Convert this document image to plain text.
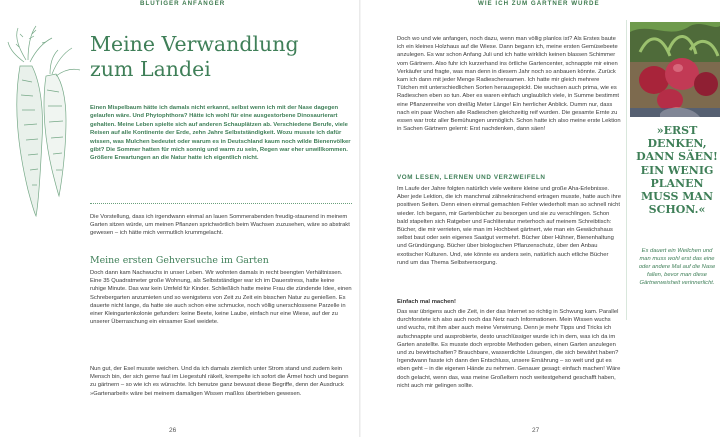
BLUTIGER ANFÄNGER	WIE ICH ZUM GÄRTNER WURDE
Meine Verwandlung
zum Landei

Einen Mispelbaum hätte ich damals nicht erkannt, selbst wenn ich mit der Nase dagegen gelaufen wäre. Und Phytophthora? Hätte ich wohl für eine ausgestorbene Dinosaurierart gehalten. Meine Leben spielte sich auf anderen Schauplätzen ab. Verschiedene Berufe, viele Reisen auf alle Kontinente der Erde, zehn Jahre Selbstständigkeit. Wozu musste ich dafür wissen, was Mulchen bedeutet oder warum es in Deutschland kaum noch wilde Bienenvölker gibt? Die Sommer hatten für mich sonnig und warm zu sein, Regen war eher unwillkommen. Größere Erwartungen an die Natur hatte ich eigentlich nicht.

Die Vorstellung, dass ich irgendwann einmal an lauen Sommerabenden freudig-staunend in meinem Garten sitzen würde, um meinen Pflanzen sprichwörtlich beim Wachsen zuzusehen, wäre so abstrakt gewesen – ich hätte mich vermutlich krummgelacht.

Meine ersten Gehversuche im Garten

Doch dann kam Nachwuchs in unser Leben. Wir wohnten damals in recht beengten Verhältnissen. Eine 35 Quadratmeter große Wohnung, als Selbstständiger war ich im Dauerstress, hatte keine ruhige Minute. Das war kein Umfeld für Kinder. Schließlich hatte meine Frau die zündende Idee, einen Schrebergarten anzumieten und so wenigstens von Zeit zu Zeit ein bisschen Natur zu genießen. Es dauerte nicht lange, da hatte sie auch schon eine schmucke, noch völlig unerschlossene Parzelle in einer Kleingartenkolonie gefunden: keine Beete, keine Laube, einfach nur eine Wiese, auf der zu unserer Überraschung ein einsamer Esel weidete.

Nun gut, der Esel musste weichen. Und da ich damals ziemlich unter Strom stand und zudem kein Mensch bin, der sich gerne faul im Liegestuhl räkelt, krempelte ich sofort die Ärmel hoch und begann zu gärtnern – so wie ich es wünschte. Ich benutze ganz bewusst diese Begriffe, denn der Ausdruck »Gartenarbeit« wäre bei meinem damaligen Wissen maßlos übertrieben gewesen.

26

Doch wo und wie anfangen, noch dazu, wenn man völlig planlos ist? Als Erstes baute ich ein kleines Holzhaus auf die Wiese. Dann begann ich, meine ersten Gemüsebeete anzulegen. Es war schon Anfang Juli und ich hatte wirklich keinen blassen Schimmer vom Gärtnern. Also fuhr ich kurzerhand ins örtliche Gartencenter, schnappte mir einen Verkäufer und fragte, was man denn in diesem Jahr noch so anbauen könnte. Zurück kam ich dann mit jeder Menge Radieschensamen. Ich hatte mir gleich mehrere Tütchen mit unterschiedlichen Sorten herausgepickt. Die wuchsen auch prima, wie es Radieschen eben so tun. Aber es waren einfach unglaublich viele, in Summe bestimmt eine Pflanzenreihe von dreißig Meter Länge! Ein herrlicher Anblick. Dumm nur, dass nach ein paar Wochen alle Radieschen gleichzeitig reif wurden. Die gesamte Ernte zu essen war trotz aller Bemühungen unmöglich. Schon hatte ich also meine erste Lektion in Sachen Gärtnern gelernt: Erst nachdenken, dann säen!

VOM LESEN, LERNEN UND VERZWEIFELN

Im Laufe der Jahre folgten natürlich viele weitere kleine und große Aha-Erlebnisse. Aber jede Lektion, die ich manchmal zähneknirschend ertragen musste, hatte auch ihre positiven Seiten. Denn einen einmal gemachten Fehler wiederholt man so schnell nicht wieder. Ich begann, mir Gartenbücher zu besorgen und sie zu verschlingen. Schon bald stapelten sich Ratgeber und Fachliteratur meterhoch auf meinem Schreibtisch: Bücher, die mir verrieten, wie man im Hochbeet gärtnert, wie man ein Gewächshaus selbst baut oder sein eigenes Saatgut vermehrt. Bücher über Hühner, Bienenhaltung und Gründüngung. Bücher über biologischen Pflanzenschutz, über den Anbau exotischer Kulturen. Und, wie könnte es anders sein, natürlich auch etliche Bücher rund um das Thema Selbstversorgung.

Einfach mal machen!

Das war übrigens auch die Zeit, in der das Internet so richtig in Schwung kam. Parallel durchforstete ich also auch noch das Netz nach Informationen. Mein Wissen wuchs und wuchs, mit ihm aber auch meine Verwirrung. Denn je mehr Tipps und Tricks ich aufschnappte und ausprobierte, desto unschlüssiger wurde ich in dem, was ich da im Garten anstellte. Es musste doch erprobte Methoden geben, einen Garten anzulegen und zu bewirtschaften? Brauchbare, wasserdichte Lösungen, die sich bewährt haben? Irgendwann fasste ich dann den Entschluss, unsere Ernährung – so weit und gut es eben geht – in die eigenen Hände zu nehmen. Genauer gesagt: einfach machen! Wäre doch gelacht, wenn das, was meine Großeltern noch weitestgehend geschafft haben, nicht auch mir gelingen sollte.

27

»ERST DENKEN, DANN SÄEN! EIN WENIG PLANEN MUSS MAN SCHON.«

Es dauert ein Weilchen und man muss wohl erst das eine oder andere Mal auf die Nase fallen, bevor man diese Gärtnerweisheit verinnerlicht.
